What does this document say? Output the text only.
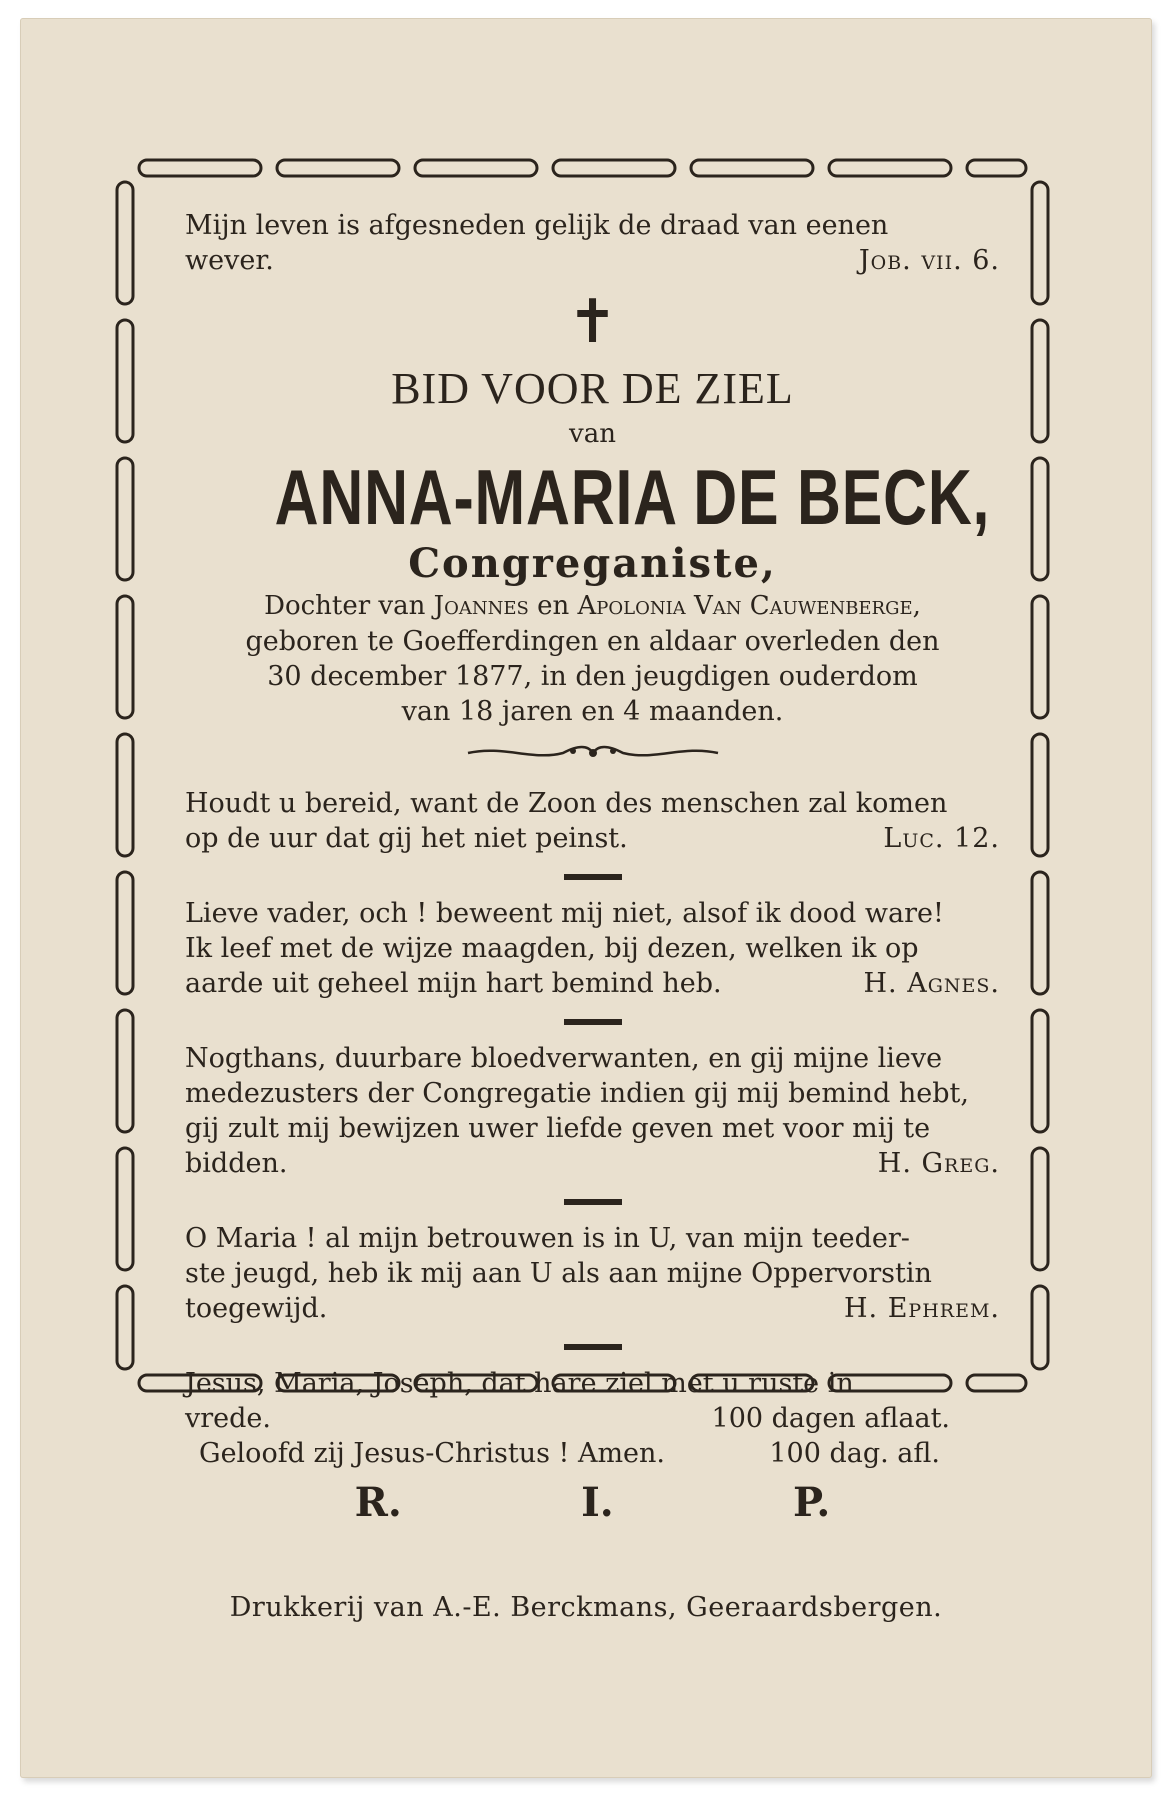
Mijn leven is afgesneden gelijk de draad van eenen

wever.	Job. vii. 6.
✝
BID VOOR DE ZIEL
van
ANNA-MARIA DE BECK,
Congreganiste,
Dochter van Joannes en Apolonia Van Cauwenberge,
geboren te Goefferdingen en aldaar overleden den
30 december 1877, in den jeugdigen ouderdom
van 18 jaren en 4 maanden.

Houdt u bereid, want de Zoon des menschen zal komen

op de uur dat gij het niet peinst.	Luc. 12.

Lieve vader, och ! beweent mij niet, alsof ik dood ware!

Ik leef met de wijze maagden, bij dezen, welken ik op

aarde uit geheel mijn hart bemind heb.	H. Agnes.

Nogthans, duurbare bloedverwanten, en gij mijne lieve

medezusters der Congregatie indien gij mij bemind hebt,

gij zult mij bewijzen uwer liefde geven met voor mij te

bidden.	H. Greg.

O Maria ! al mijn betrouwen is in U, van mijn teeder-

ste jeugd, heb ik mij aan U als aan mijne Oppervorstin

toegewijd.	H. Ephrem.

Jesus, Maria, Joseph, dat hare ziel met u ruste in

vrede.	100 dagen aflaat.
Geloofd zij Jesus-Christus ! Amen.	100 dag. afl.
R.	I.	P.
Drukkerij van A.-E. Berckmans, Geeraardsbergen.
